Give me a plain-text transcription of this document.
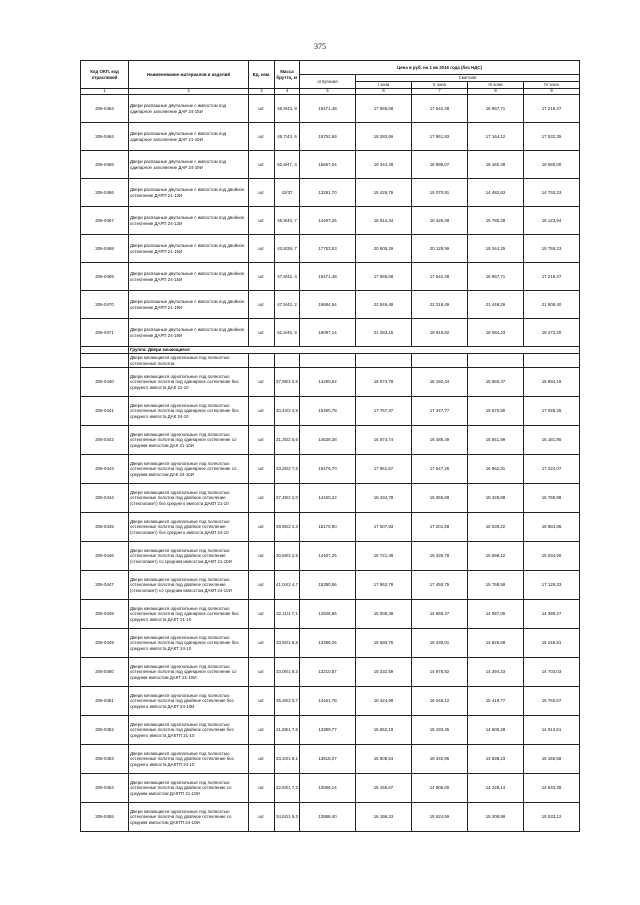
375
Код ОКП, код отраслевой	Наименование материалов и изделий	Ед. изм.	Масса брутто, кг	Цена в руб. на 1 кв 2016 года (без НДС)				
				отпускная	Сметная			
					I зона	II зона	III зона	IV зона
1	2	3	4	5	6	7	8	9
206-0463	Двери распашные двупольные с импостом под одинарное заполнение ДАР 24-15И	шт.	48,9/43, 8	15471,48	17 956,68	17 542,48	16 857,71	17 219,37
206-0464	Двери распашные двупольные с импостом под одинарное заполнение ДАР 21-19И	шт.	48,7/43, 6	15752,69	18 283,66	17 861,93	17 164,12	17 532,35
206-0465	Двери распашные двупольные с импостом под одинарное заполнение ДАР 24-19И	шт.	52,8/47, 4	16667,04	19 344,28	18 898,07	18 160,39	18 550,00
206-0466	Двери распашные двупольные с импостом под двойное остекление ДАРП 21-13И	шт.	42/37	13291,70	15 426,76	15 070,91	14 482,63	14 793,33
206-0467	Двери распашные двупольные с импостом под двойное остекление ДАРП 24-13И	шт.	45,9/40, 7	14487,25	16 814,34	16 426,49	15 785,29	16 123,94
206-0468	Двери распашные двупольные с импостом под двойное остекление ДАРП 21-15И	шт.	43,8/38, 7	17753,53	20 605,29	20 129,99	19 344,25	19 759,23
206-0469	Двери распашные двупольные с импостом под двойное остекление ДАРП 24-15И	шт.	47,8/42, 4	15471,48	17 956,68	17 542,48	16 857,71	17 219,37
206-0470	Двери распашные двупольные с импостом под двойное остекление ДАРП 21-19И	шт.	47,5/42, 2	19684,54	22 846,48	22 319,49	21 448,26	21 908,40
206-0471	Двери распашные двупольные с импостом под двойное остекление ДАРП 24-19И	шт.	51,5/45, 9	18097,14	21 283,15	18 918,82	18 084,23	18 472,20
	Группа: Двери качающиеся							
	Двери качающиеся однопольные под полностью остекленные полотна							
206-0440	Двери качающиеся однопольные под полностью остекленные полотна под одинарное остекление без среднего импоста ДАК 21-10	шт.	37,99/2 2,6	14280,62	16 574,78	16 192,44	15 560,37	15 894,19
206-0441	Двери качающиеся однопольные под полностью остекленные полотна под одинарное остекление без среднего импоста ДАК 24-10	шт.	40,42/2 4,9	15290,78	17 757,37	17 347,77	16 670,60	17 028,25
206-0442	Двери качающиеся однопольные под полностью остекленные полотна под одинарное остекление со средним импостом ДАК 21-10И	шт.	31,25/2 5,6	14539,28	16 874,74	16 485,49	15 841,99	16 181,85
206-0443	Двери качающиеся однопольные под полностью остекленные полотна под одинарное остекление со средним импостом ДАК 24-10И	шт.	33,25/2 7,5	15475,70	17 961,57	17 547,26	16 862,31	17 224,07
206-0444	Двери качающиеся однопольные под полностью остекленные полотна под двойное остекление (стеклопакет) без среднего импоста ДАКП 21-10	шт.	37,49/2 2,0	14160,22	16 434,78	16 055,69	15 428,98	15 759,98
206-0445	Двери качающиеся однопольные под полностью остекленные полотна под двойное остекление (стеклопакет) без среднего импоста ДАКП 24-10	шт.	39,85/2 4,3	15170,90	17 607,83	17 201,69	16 530,22	16 884,85
206-0446	Двери качающиеся однопольные под полностью остекленные полотна под двойное остекление (стеклопакет) со средним импостом ДАКП 21-10И	шт.	30,69/2 2,5	14407,25	16 721,49	16 335,78	15 698,12	16 034,90
206-0447	Двери качающиеся однопольные под полностью остекленные полотна под двойное остекление (стеклопакет) со средним импостом ДАКП 24-10И	шт.	41,04/2 4,7	15390,56	17 862,78	17 450,75	15 768,58	17 129,33
206-0448	Двери качающиеся однопольные под полностью остекленные полотна под одинарное остекление без среднего импоста ДАКТ 21-10	шт.	32,11/1 7,1	12928,66	15 005,39	14 659,27	14 087,05	14 389,27
206-0449	Двери качающиеся однопольные под полностью остекленные полотна под одинарное остекление без среднего импоста ДАКТ 24-10	шт.	33,92/1 8,8	13399,25	15 580,76	15 330,01	14 826,68	15 246,91
206-0450	Двери качающиеся однопольные под полностью остекленные полотна под одинарное остекление со средним импостом ДАКТ 21-10И	шт.	33,05/1 8,3	13210,57	15 332,59	14 978,92	14 394,23	14 703,03
206-0451	Двери качающиеся однопольные под полностью остекленные полотна под двойное остекление без среднего импоста ДАКТ 24-10И	шт.	35,26/2 0,7	14151,78	16 424,99	16 046,12	15 419,77	15 750,57
206-0452	Двери качающиеся однопольные под полностью остекленные полотна под двойное остекление без среднего импоста ДАКТП 21-10	шт.	31,58/1 7,6	13399,77	15 552,19	15 193,45	14 600,28	14 913,61
206-0453	Двери качающиеся однопольные под полностью остекленные полотна под двойное остекление без среднего импоста ДАКТП 24-10	шт.	33,34/1 8,1	13618,07	15 805,54	15 440,96	14 838,23	15 156,58
206-0454	Двери качающиеся однопольные под полностью остекленные полотна под двойное остекление со средним импостом ДАКТП 21-10И	шт.	32,83/1 7,3	13058,14	15 155,67	14 806,00	14 228,14	14 533,38
206-0455	Двери качающиеся однопольные под полностью остекленные полотна под двойное остекление со средним импостом ДАКТП 24-10И	шт.	34,62/1 9,3	13958,40	16 196,23	15 624,59	15 208,88	15 533,12
